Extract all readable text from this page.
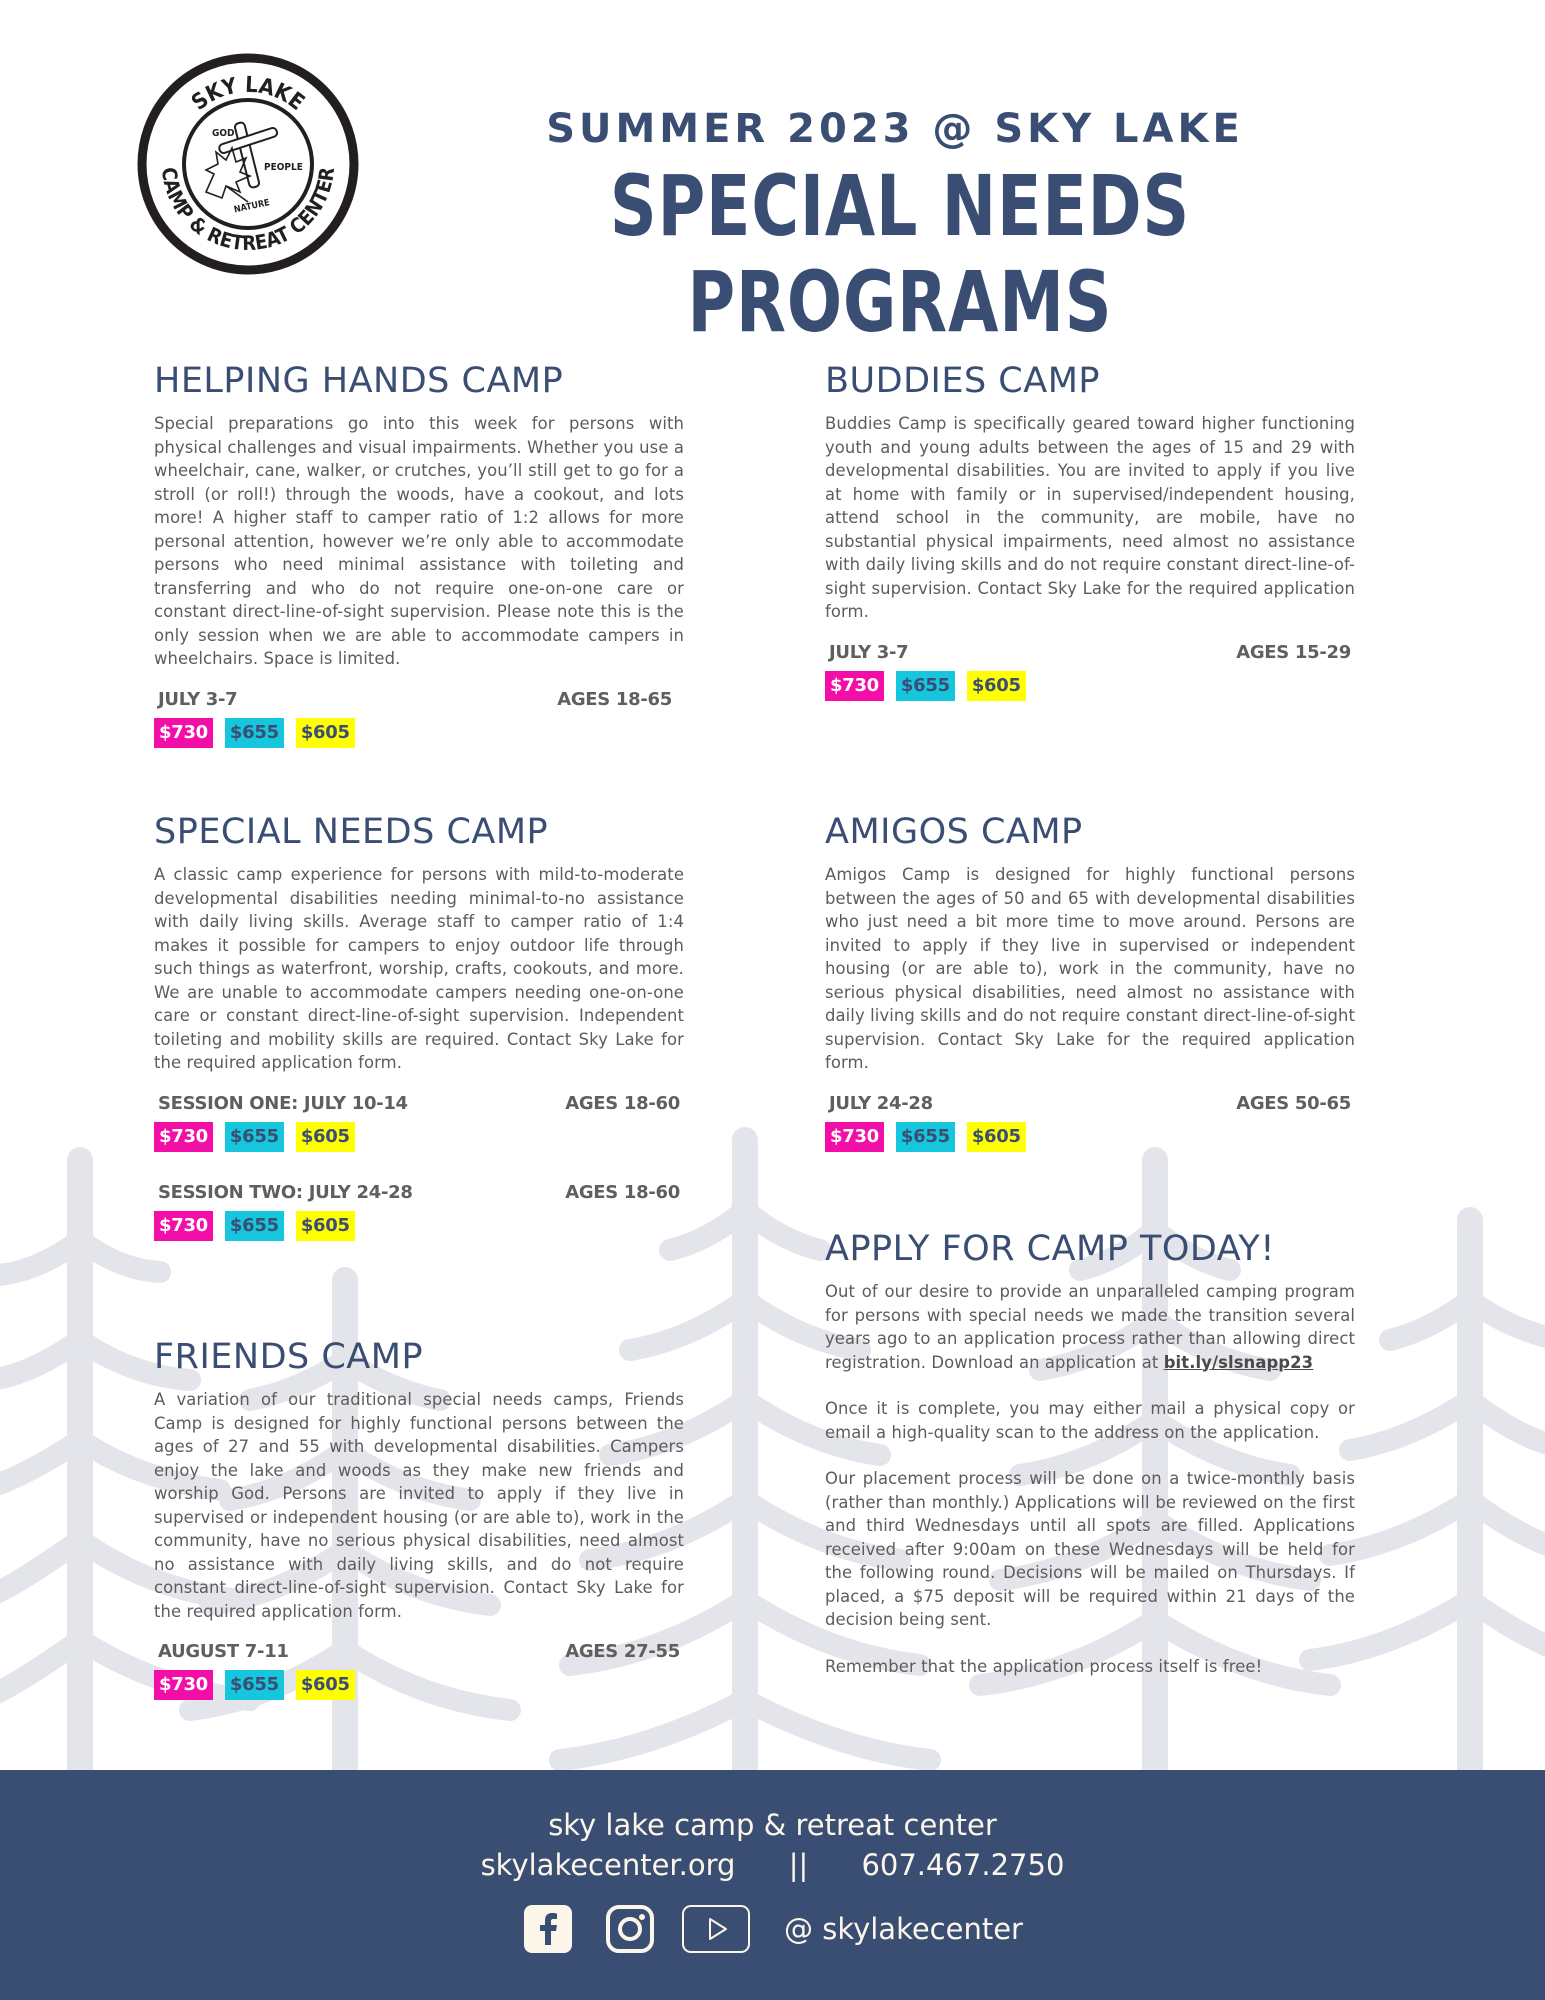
SKY LAKE
CAMP & RETREAT CENTER
GOD
PEOPLE
NATURE
SUMMER 2023 @ SKY LAKE
SPECIAL NEEDS PROGRAMS
HELPING HANDS CAMP

Special preparations go into this week for persons with physical challenges and visual impairments. Whether you use a wheelchair, cane, walker, or crutches, you’ll still get to go for a stroll (or roll!) through the woods, have a cookout, and lots more! A higher staff to camper ratio of 1:2 allows for more personal attention, however we’re only able to accommodate persons who need minimal assistance with toileting and transferring and who do not require one-on-one care or constant direct-line-of-sight supervision. Please note this is the only session when we are able to accommodate campers in wheelchairs. Space is limited.

JULY 3-7	AGES 18-65
$730 $655 $605
BUDDIES CAMP

Buddies Camp is specifically geared toward higher functioning youth and young adults between the ages of 15 and 29 with developmental disabilities. You are invited to apply if you live at home with family or in supervised/independent housing, attend school in the community, are mobile, have no substantial physical impairments, need almost no assistance with daily living skills and do not require constant direct-line-of-sight supervision. Contact Sky Lake for the required application form.

JULY 3-7	AGES 15-29
$730 $655 $605
SPECIAL NEEDS CAMP

A classic camp experience for persons with mild-to-moderate developmental disabilities needing minimal-to-no assistance with daily living skills. Average staff to camper ratio of 1:4 makes it possible for campers to enjoy outdoor life through such things as waterfront, worship, crafts, cookouts, and more. We are unable to accommodate campers needing one-on-one care or constant direct-line-of-sight supervision. Independent toileting and mobility skills are required. Contact Sky Lake for the required application form.

SESSION ONE: JULY 10-14	AGES 18-60
$730 $655 $605
SESSION TWO: JULY 24-28	AGES 18-60
$730 $655 $605
AMIGOS CAMP

Amigos Camp is designed for highly functional persons between the ages of 50 and 65 with developmental disabilities who just need a bit more time to move around. Persons are invited to apply if they live in supervised or independent housing (or are able to), work in the community, have no serious physical disabilities, need almost no assistance with daily living skills and do not require constant direct-line-of-sight supervision. Contact Sky Lake for the required application form.

JULY 24-28	AGES 50-65
$730 $655 $605
FRIENDS CAMP

A variation of our traditional special needs camps, Friends Camp is designed for highly functional persons between the ages of 27 and 55 with developmental disabilities. Campers enjoy the lake and woods as they make new friends and worship God. Persons are invited to apply if they live in supervised or independent housing (or are able to), work in the community, have no serious physical disabilities, need almost no assistance with daily living skills, and do not require constant direct-line-of-sight supervision. Contact Sky Lake for the required application form.

AUGUST 7-11	AGES 27-55
$730 $655 $605
APPLY FOR CAMP TODAY!

Out of our desire to provide an unparalleled camping program for persons with special needs we made the transition several years ago to an application process rather than allowing direct registration. Download an application at bit.ly/slsnapp23

Once it is complete, you may either mail a physical copy or email a high-quality scan to the address on the application.

Our placement process will be done on a twice-monthly basis (rather than monthly.) Applications will be reviewed on the first and third Wednesdays until all spots are filled. Applications received after 9:00am on these Wednesdays will be held for the following round. Decisions will be mailed on Thursdays. If placed, a $75 deposit will be required within 21 days of the decision being sent.

Remember that the application process itself is free!

sky lake camp & retreat center
skylakecenter.org || 607.467.2750
@ skylakecenter
